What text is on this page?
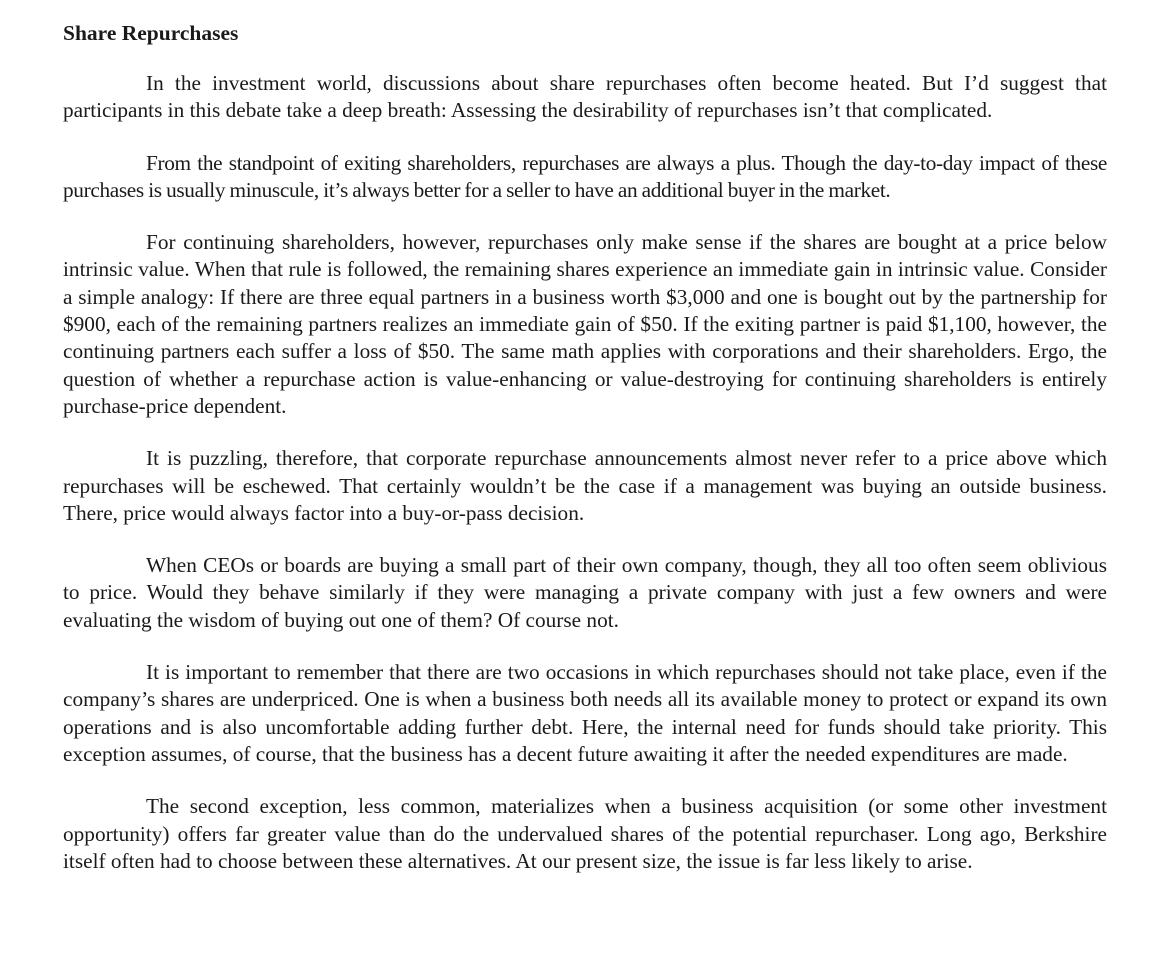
Share Repurchases

In the investment world, discussions about share repurchases often become heated. But I’d suggest that participants in this debate take a deep breath: Assessing the desirability of repurchases isn’t that complicated.

From the standpoint of exiting shareholders, repurchases are always a plus. Though the day-to-day impact of these purchases is usually minuscule, it’s always better for a seller to have an additional buyer in the market.

For continuing shareholders, however, repurchases only make sense if the shares are bought at a price below intrinsic value. When that rule is followed, the remaining shares experience an immediate gain in intrinsic value. Consider a simple analogy: If there are three equal partners in a business worth $3,000 and one is bought out by the partnership for $900, each of the remaining partners realizes an immediate gain of $50. If the exiting partner is paid $1,100, however, the continuing partners each suffer a loss of $50. The same math applies with corporations and their shareholders. Ergo, the question of whether a repurchase action is value-enhancing or value-destroying for continuing shareholders is entirely purchase-price dependent.

It is puzzling, therefore, that corporate repurchase announcements almost never refer to a price above which repurchases will be eschewed. That certainly wouldn’t be the case if a management was buying an outside business. There, price would always factor into a buy-or-pass decision.

When CEOs or boards are buying a small part of their own company, though, they all too often seem oblivious to price. Would they behave similarly if they were managing a private company with just a few owners and were evaluating the wisdom of buying out one of them? Of course not.

It is important to remember that there are two occasions in which repurchases should not take place, even if the company’s shares are underpriced. One is when a business both needs all its available money to protect or expand its own operations and is also uncomfortable adding further debt. Here, the internal need for funds should take priority. This exception assumes, of course, that the business has a decent future awaiting it after the needed expenditures are made.

The second exception, less common, materializes when a business acquisition (or some other investment opportunity) offers far greater value than do the undervalued shares of the potential repurchaser. Long ago, Berkshire itself often had to choose between these alternatives. At our present size, the issue is far less likely to arise.
